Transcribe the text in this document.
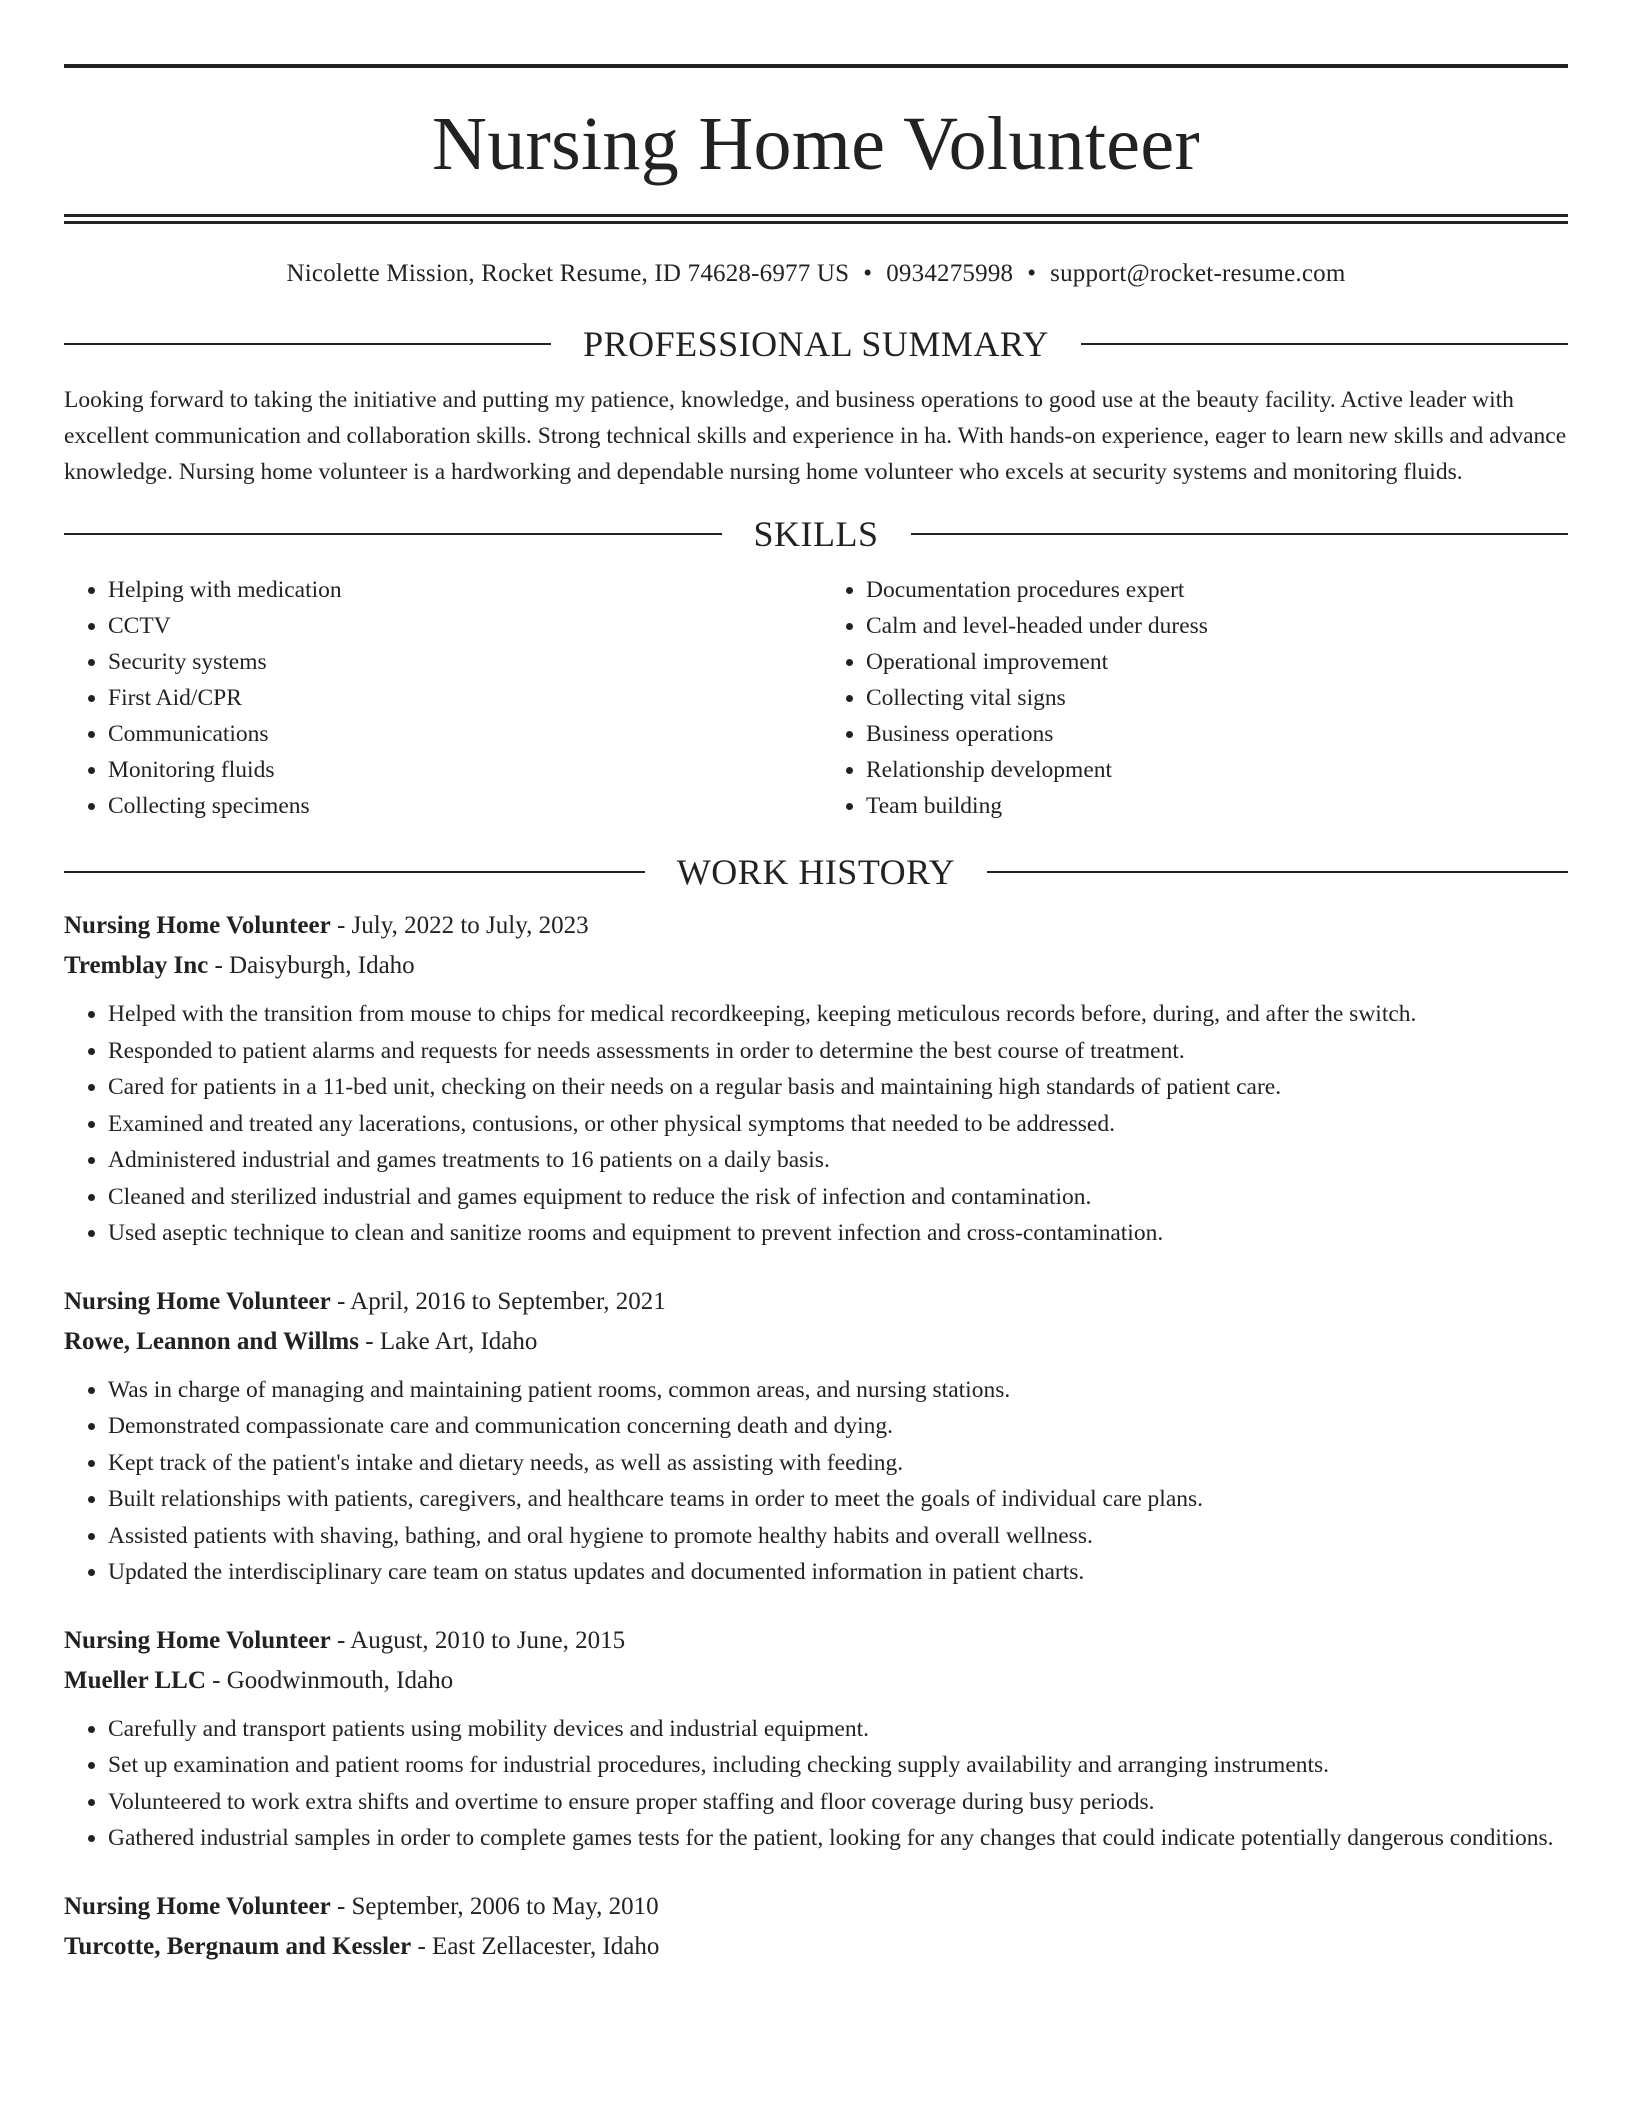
Nursing Home Volunteer
Nicolette Mission, Rocket Resume, ID 74628-6977 US • 0934275998 • support@rocket-resume.com
PROFESSIONAL SUMMARY

Looking forward to taking the initiative and putting my patience, knowledge, and business operations to good use at the beauty facility. Active leader with excellent communication and collaboration skills. Strong technical skills and experience in ha. With hands-on experience, eager to learn new skills and advance knowledge. Nursing home volunteer is a hardworking and dependable nursing home volunteer who excels at security systems and monitoring fluids.

SKILLS
• Helping with medication
• CCTV
• Security systems
• First Aid/CPR
• Communications
• Monitoring fluids
• Collecting specimens
• Documentation procedures expert
• Calm and level-headed under duress
• Operational improvement
• Collecting vital signs
• Business operations
• Relationship development
• Team building
WORK HISTORY
Nursing Home Volunteer - July, 2022 to July, 2023
Tremblay Inc - Daisyburgh, Idaho
• Helped with the transition from mouse to chips for medical recordkeeping, keeping meticulous records before, during, and after the switch.
• Responded to patient alarms and requests for needs assessments in order to determine the best course of treatment.
• Cared for patients in a 11-bed unit, checking on their needs on a regular basis and maintaining high standards of patient care.
• Examined and treated any lacerations, contusions, or other physical symptoms that needed to be addressed.
• Administered industrial and games treatments to 16 patients on a daily basis.
• Cleaned and sterilized industrial and games equipment to reduce the risk of infection and contamination.
• Used aseptic technique to clean and sanitize rooms and equipment to prevent infection and cross-contamination.
Nursing Home Volunteer - April, 2016 to September, 2021
Rowe, Leannon and Willms - Lake Art, Idaho
• Was in charge of managing and maintaining patient rooms, common areas, and nursing stations.
• Demonstrated compassionate care and communication concerning death and dying.
• Kept track of the patient's intake and dietary needs, as well as assisting with feeding.
• Built relationships with patients, caregivers, and healthcare teams in order to meet the goals of individual care plans.
• Assisted patients with shaving, bathing, and oral hygiene to promote healthy habits and overall wellness.
• Updated the interdisciplinary care team on status updates and documented information in patient charts.
Nursing Home Volunteer - August, 2010 to June, 2015
Mueller LLC - Goodwinmouth, Idaho
• Carefully and transport patients using mobility devices and industrial equipment.
• Set up examination and patient rooms for industrial procedures, including checking supply availability and arranging instruments.
• Volunteered to work extra shifts and overtime to ensure proper staffing and floor coverage during busy periods.
• Gathered industrial samples in order to complete games tests for the patient, looking for any changes that could indicate potentially dangerous conditions.
Nursing Home Volunteer - September, 2006 to May, 2010
Turcotte, Bergnaum and Kessler - East Zellacester, Idaho
